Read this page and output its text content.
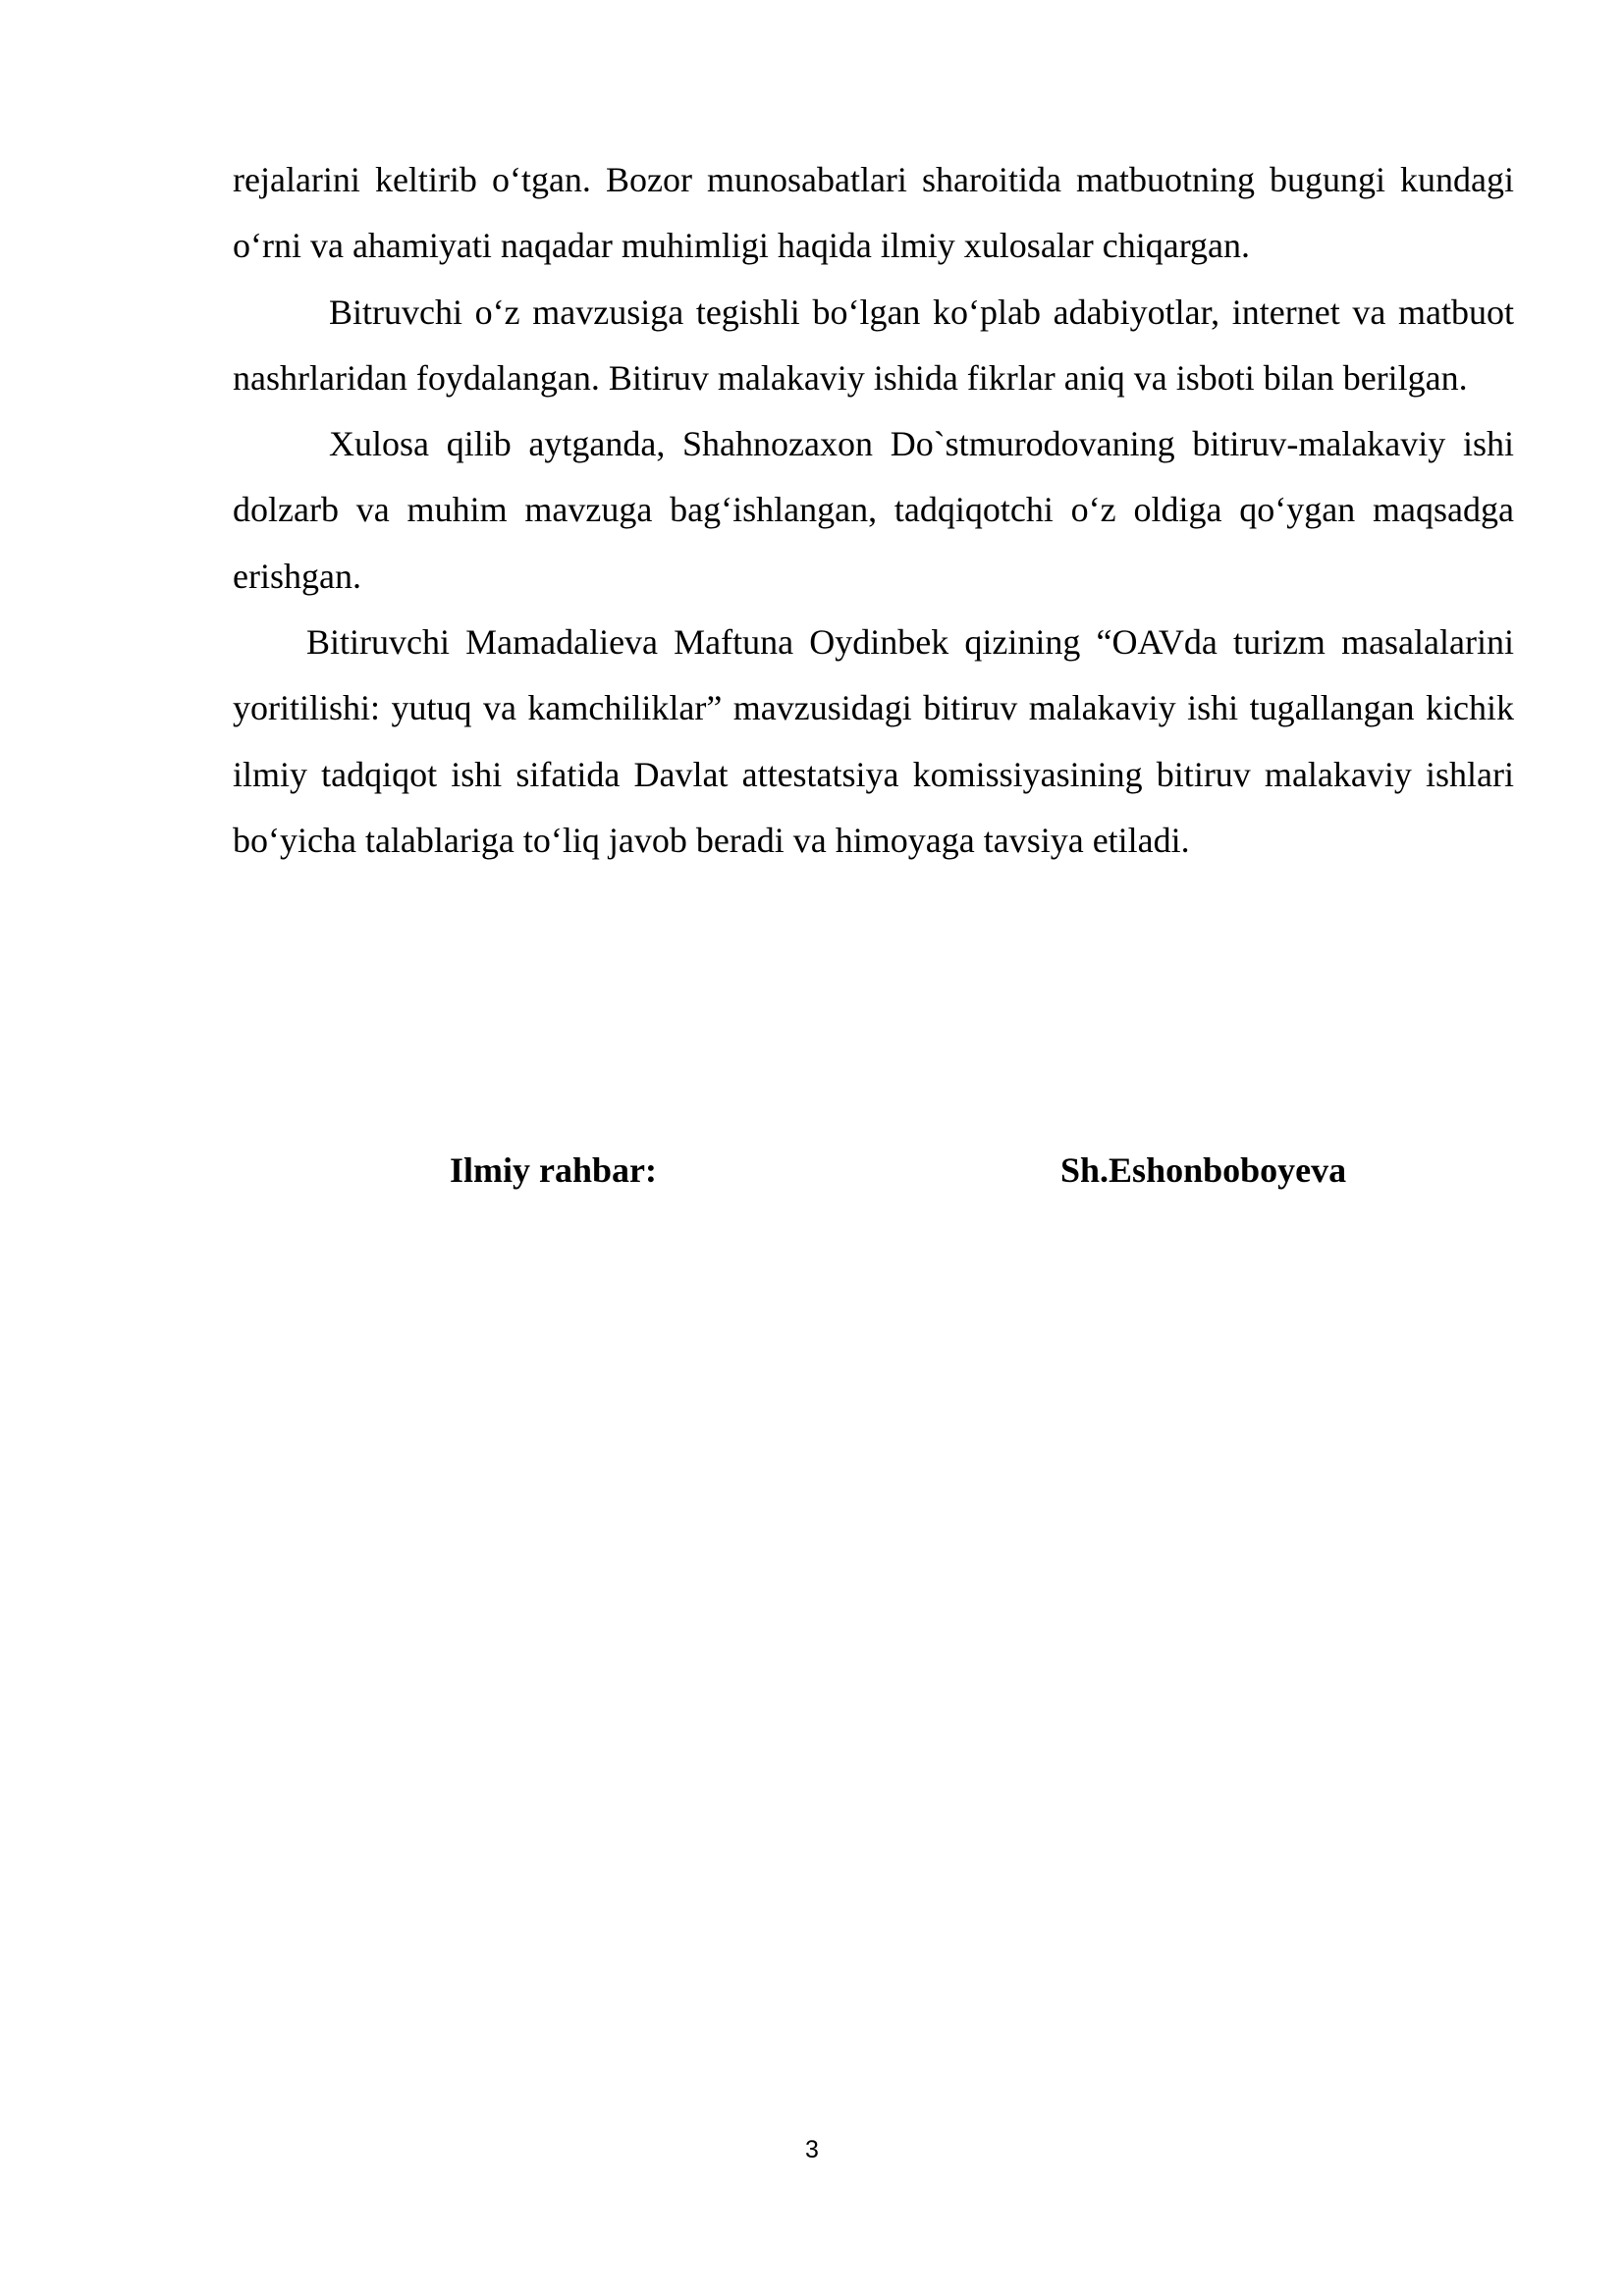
rejalarini keltirib o‘tgan. Bozor munosabatlari sharoitida matbuotning bugungi kundagi o‘rni va ahamiyati naqadar muhimligi haqida ilmiy xulosalar chiqargan.

Bitruvchi o‘z mavzusiga tegishli bo‘lgan ko‘plab adabiyotlar, internet va matbuot nashrlaridan foydalangan. Bitiruv malakaviy ishida fikrlar aniq va isboti bilan berilgan.

Xulosa qilib aytganda, Shahnozaxon Do`stmurodovaning bitiruv-malakaviy ishi dolzarb va muhim mavzuga bag‘ishlangan, tadqiqotchi o‘z oldiga qo‘ygan maqsadga erishgan.

Bitiruvchi Mamadalieva Maftuna Oydinbek qizining “OAVda turizm masalalarini yoritilishi: yutuq va kamchiliklar” mavzusidagi bitiruv malakaviy ishi tugallangan kichik ilmiy tadqiqot ishi sifatida Davlat attestatsiya komissiyasining bitiruv malakaviy ishlari bo‘yicha talablariga to‘liq javob beradi va himoyaga tavsiya etiladi.

Ilmiy rahbar:	Sh.Eshonboboyeva
3
